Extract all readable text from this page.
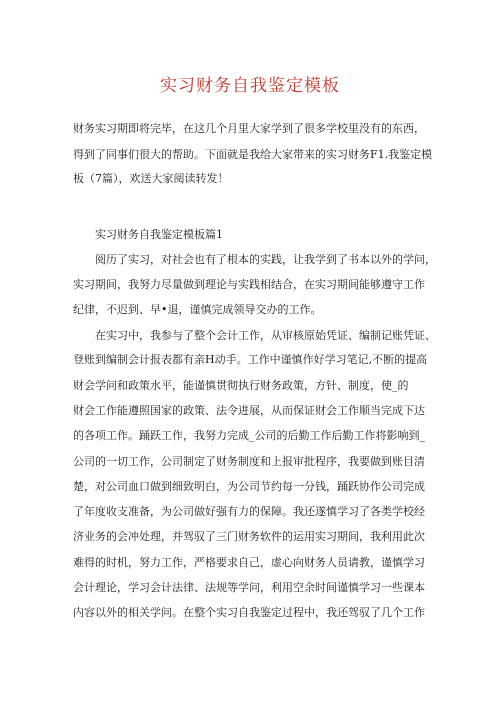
实习财务自我鉴定模板
财务实习期即将完毕，在这几个月里大家学到了很多学校里没有的东西，
得到了同事们很大的帮助。下面就是我给大家带来的实习财务F1.我鉴定模
板（7篇），欢送大家阅读转发！
实习财务自我鉴定模板篇1
阅历了实习，对社会也有了根本的实践，让我学到了书本以外的学问，
实习期间，我努力尽量做到理论与实践相结合，在实习期间能够遵守工作
纪律，不迟到、早•退，谨慎完成领导交办的工作。
在实习中，我参与了整个会计工作，从审核原始凭证、编制记账凭证、
登账到编制会计报表都有亲H动手。工作中谨慎作好学习笔记,不断的提高
财会学问和政策水平，能谨慎贯彻执行财务政策，方针、制度，使_的
财会工作能遵照国家的政策、法令进展，从而保证财会工作顺当完成下达
的各项工作。踊跃工作，我努力完成_公司的后勤工作后勤工作将影响到_
公司的一切工作，公司制定了财务制度和上报审批程序，我要做到账目清
楚，对公司血口做到细致明白，为公司节约每一分钱，踊跃协作公司完成
了年度收支准备，为公司做好强有力的保障。我还遂慎学习了各类学校经
济业务的会冲处理，并驾驭了三门财务软件的运用实习期间，我利用此次
难得的时机，努力工作，严格要求自己，虚心向财务人员请教，谨慎学习
会计理论，学习会计法律、法规等学问，利用空余时间谨慎学习一些课本
内容以外的相关学问。在整个实习自我鉴定过程中，我还驾驭了几个工作
